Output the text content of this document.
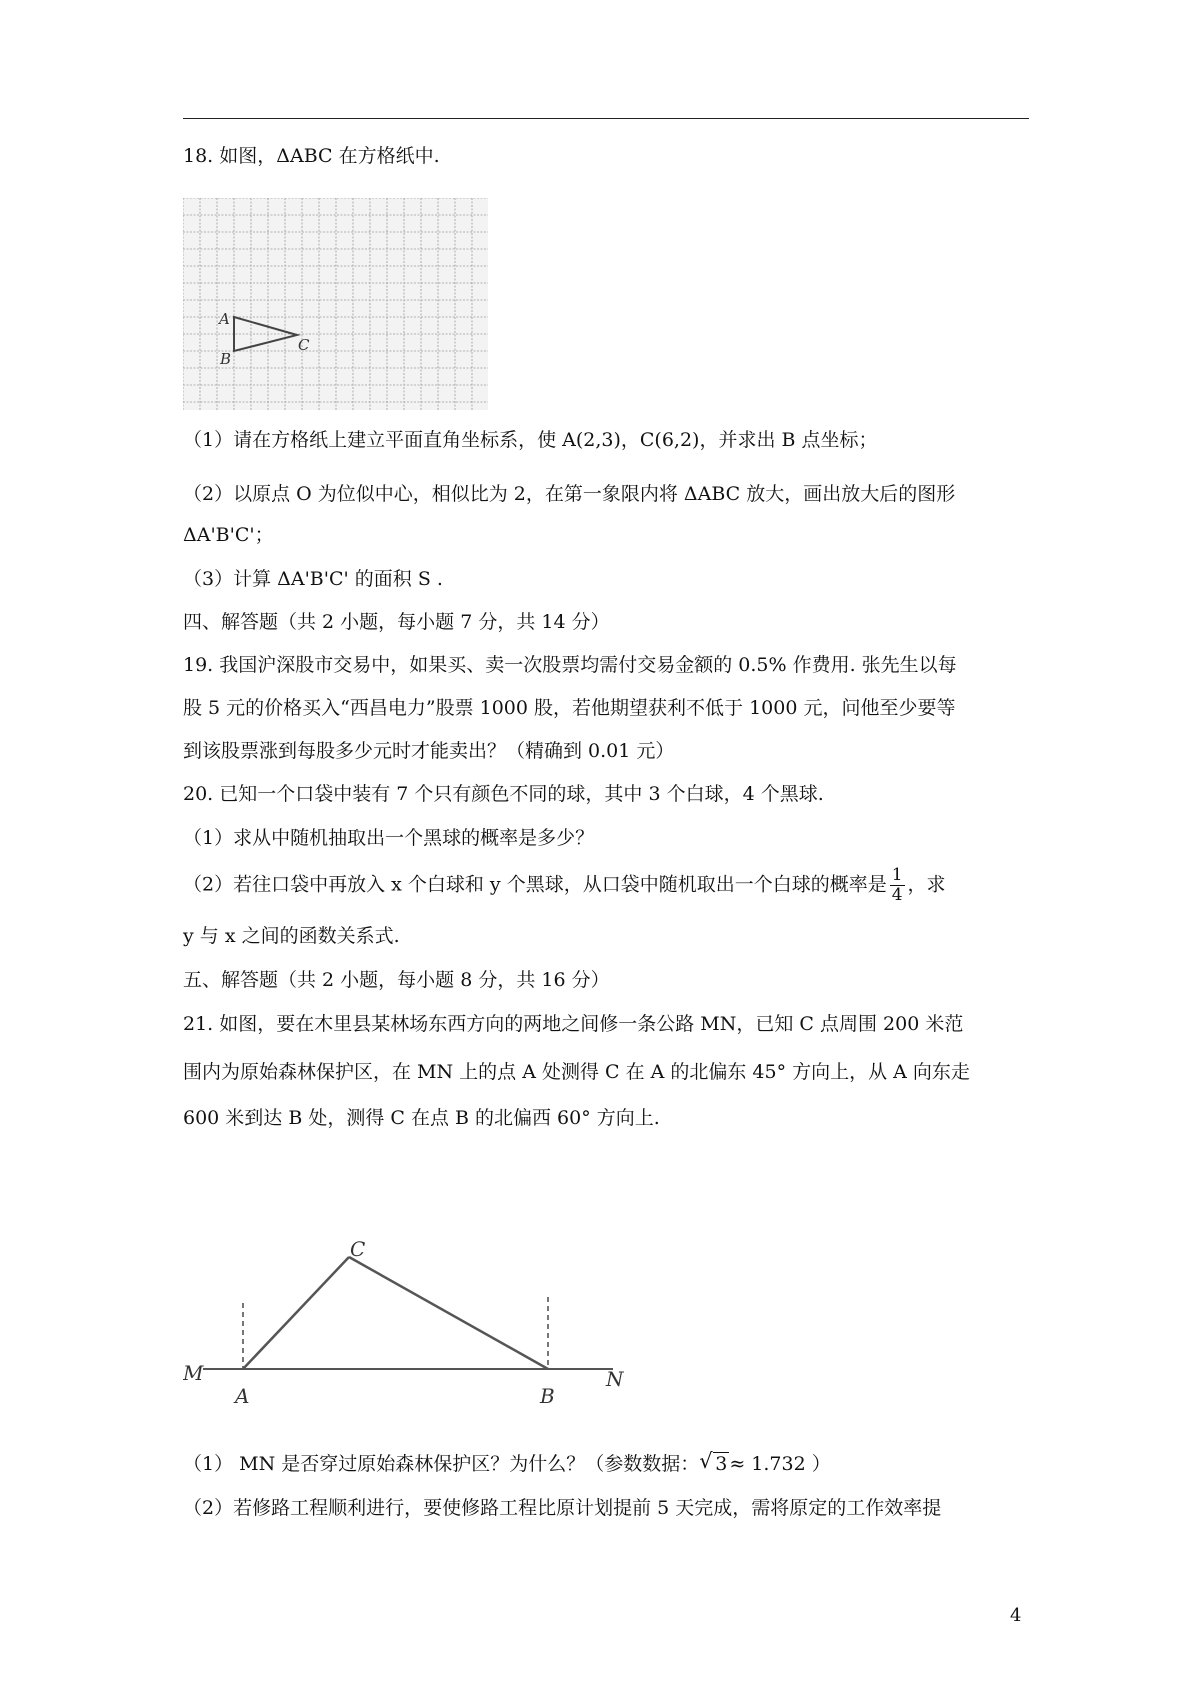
18. 如图，ΔABC 在方格纸中.
A
B
C
（1）请在方格纸上建立平面直角坐标系，使 A(2,3)，C(6,2)，并求出 B 点坐标；
（2）以原点 O 为位似中心，相似比为 2，在第一象限内将 ΔABC 放大，画出放大后的图形
ΔA'B'C'；
（3）计算 ΔA'B'C' 的面积 S .
四、解答题（共 2 小题，每小题 7 分，共 14 分）
19. 我国沪深股市交易中，如果买、卖一次股票均需付交易金额的 0.5% 作费用. 张先生以每
股 5 元的价格买入“西昌电力”股票 1000 股，若他期望获利不低于 1000 元，问他至少要等
到该股票涨到每股多少元时才能卖出？（精确到 0.01 元）
20. 已知一个口袋中装有 7 个只有颜色不同的球，其中 3 个白球，4 个黑球.
（1）求从中随机抽取出一个黑球的概率是多少？
（2）若往口袋中再放入 x 个白球和 y 个黑球，从口袋中随机取出一个白球的概率是 $\frac{1}{4}$ ，求
y 与 x 之间的函数关系式.
五、解答题（共 2 小题，每小题 8 分，共 16 分）
21. 如图，要在木里县某林场东西方向的两地之间修一条公路 MN，已知 C 点周围 200 米范
围内为原始森林保护区，在 MN 上的点 A 处测得 C 在 A 的北偏东 45° 方向上，从 A 向东走
600 米到达 B 处，测得 C 在点 B 的北偏西 60° 方向上.
M	N
A	B
C
（1） MN 是否穿过原始森林保护区？为什么？（参数数据： √ 3 ≈ 1.732 ）
（2）若修路工程顺利进行，要使修路工程比原计划提前 5 天完成，需将原定的工作效率提
4
